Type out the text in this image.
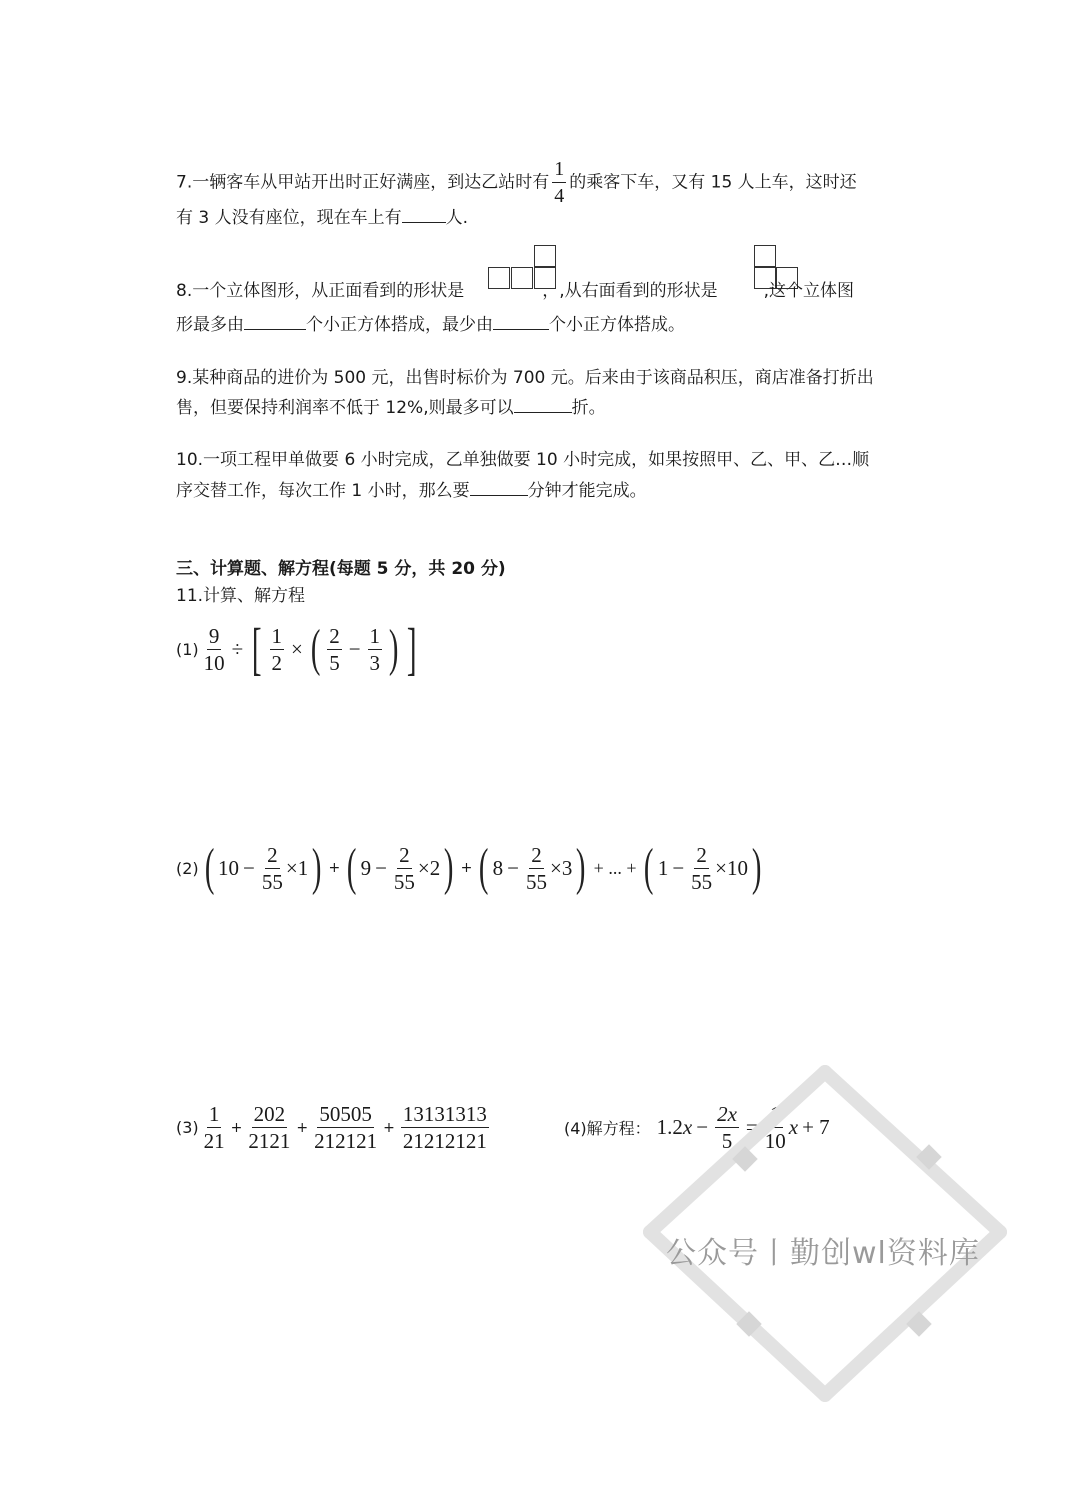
7.一辆客车从甲站开出时正好满座，到达乙站时有 $\frac{1}{4}$ 的乘客下车，又有 15 人上车，这时还
有 3 人没有座位，现在车上有	人.
8.一个立体图形，从正面看到的形状是	，,从右面看到的形状是	,这个立体图
形最多由	个小正方体搭成，最少由	个小正方体搭成。
9.某种商品的进价为 500 元，出售时标价为 700 元。后来由于该商品积压，商店准备打折出
售，但要保持利润率不低于 12%,则最多可以	折。
10.一项工程甲单做要 6 小时完成，乙单独做要 10 小时完成，如果按照甲、乙、甲、乙…顺
序交替工作，每次工作 1 小时，那么要	分钟才能完成。
三、计算题、解方程(每题 5 分，共 20 分)
11.计算、解方程
$(1) \frac{9}{10}$ ÷ [ $\frac{1}{2}$ × ( $\frac{2}{5} - \frac{1}{3}$ ) ]
(2) ( $10 - \frac{2}{55} \times 1$ ) + ( $9 - \frac{2}{55} \times 2$ ) + ( $8 - \frac{2}{55} \times 3$ ) + ... + ( $1 - \frac{2}{55} \times 10$ )
$(3) \frac{1}{21} + \frac{202}{2121} + \frac{50505}{212121} + \frac{13131313}{21212121}$	(4)解方程： 1.2 $x - \frac{2x}{5} = \frac{1}{10}$ x + 7
公众号丨勤创wl资料库
